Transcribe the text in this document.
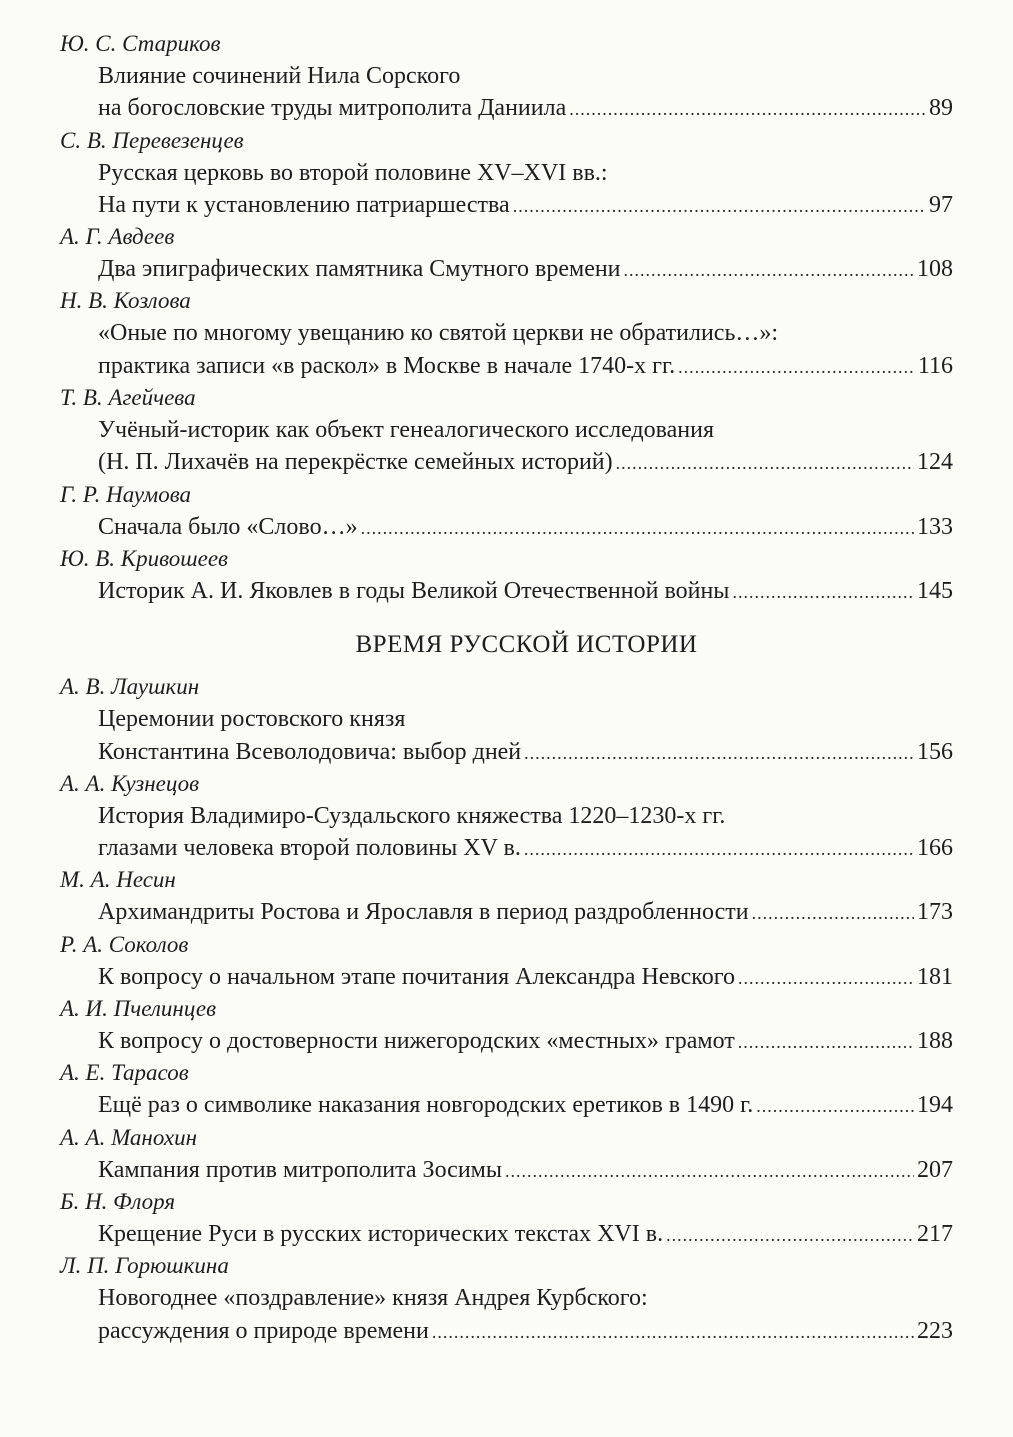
Ю. С. Стариков
Влияние сочинений Нила Сорского
на богословские труды митрополита Даниила .....	89
С. В. Перевезенцев
Русская церковь во второй половине XV–XVI вв.:
На пути к установлению патриаршества .....	97
А. Г. Авдеев
Два эпиграфических памятника Смутного времени .....	108
Н. В. Козлова
«Оные по многому увещанию ко святой церкви не обратились…»:
практика записи «в раскол» в Москве в начале 1740-х гг. .....	116
Т. В. Агейчева
Учёный-историк как объект генеалогического исследования
(Н. П. Лихачёв на перекрёстке семейных историй) .....	124
Г. Р. Наумова
Сначала было «Слово…» .....	133
Ю. В. Кривошеев
Историк А. И. Яковлев в годы Великой Отечественной войны .....	145
ВРЕМЯ РУССКОЙ ИСТОРИИ
А. В. Лаушкин
Церемонии ростовского князя
Константина Всеволодовича: выбор дней .....	156
А. А. Кузнецов
История Владимиро-Суздальского княжества 1220–1230-х гг.
глазами человека второй половины XV в. .....	166
М. А. Несин
Архимандриты Ростова и Ярославля в период раздробленности .....	173
Р. А. Соколов
К вопросу о начальном этапе почитания Александра Невского .....	181
А. И. Пчелинцев
К вопросу о достоверности нижегородских «местных» грамот .....	188
А. Е. Тарасов
Ещё раз о символике наказания новгородских еретиков в 1490 г. .....	194
А. А. Манохин
Кампания против митрополита Зосимы .....	207
Б. Н. Флоря
Крещение Руси в русских исторических текстах XVI в. .....	217
Л. П. Горюшкина
Новогоднее «поздравление» князя Андрея Курбского:
рассуждения о природе времени .....	223
